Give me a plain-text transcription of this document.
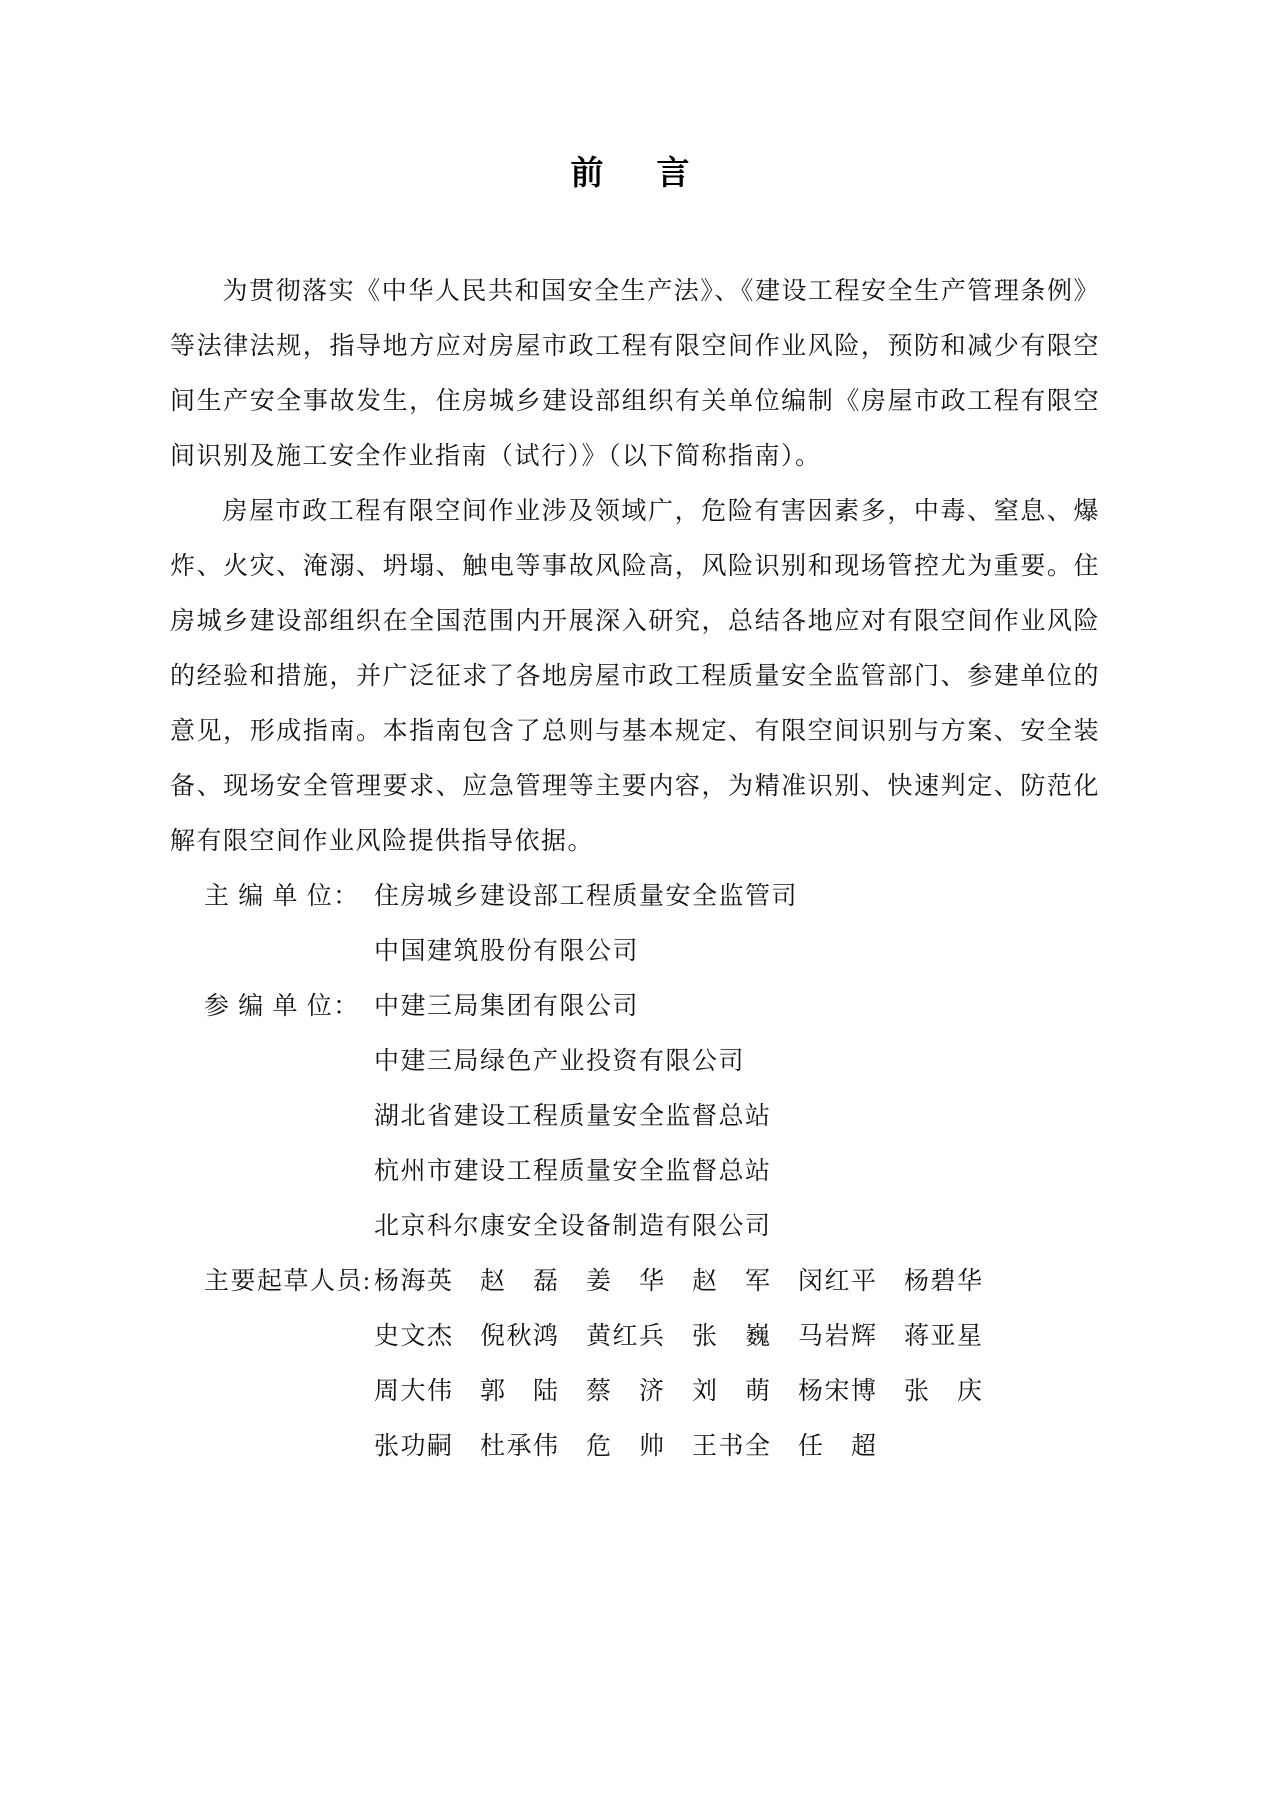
前　言

为贯彻落实《中华人民共和国安全生产法》、《建设工程安全生产管理条例》等法律法规，指导地方应对房屋市政工程有限空间作业风险，预防和减少有限空间生产安全事故发生，住房城乡建设部组织有关单位编制《房屋市政工程有限空间识别及施工安全作业指南（试行）》（以下简称指南）。

房屋市政工程有限空间作业涉及领域广，危险有害因素多，中毒、窒息、爆炸、火灾、淹溺、坍塌、触电等事故风险高，风险识别和现场管控尤为重要。住房城乡建设部组织在全国范围内开展深入研究，总结各地应对有限空间作业风险的经验和措施，并广泛征求了各地房屋市政工程质量安全监管部门、参建单位的意见，形成指南。本指南包含了总则与基本规定、有限空间识别与方案、安全装备、现场安全管理要求、应急管理等主要内容，为精准识别、快速判定、防范化解有限空间作业风险提供指导依据。

主 编 单 位： 住房城乡建设部工程质量安全监管司
中国建筑股份有限公司
参 编 单 位： 中建三局集团有限公司
中建三局绿色产业投资有限公司
湖北省建设工程质量安全监督总站
杭州市建设工程质量安全监督总站
北京科尔康安全设备制造有限公司
主要起草人员: 杨海英　赵　磊　姜　华　赵　军　闵红平　杨碧华
史文杰　倪秋鸿　黄红兵　张　巍　马岩辉　蒋亚星
周大伟　郭　陆　蔡　济　刘　萌　杨宋博　张　庆
张功嗣　杜承伟　危　帅　王书全　任　超
